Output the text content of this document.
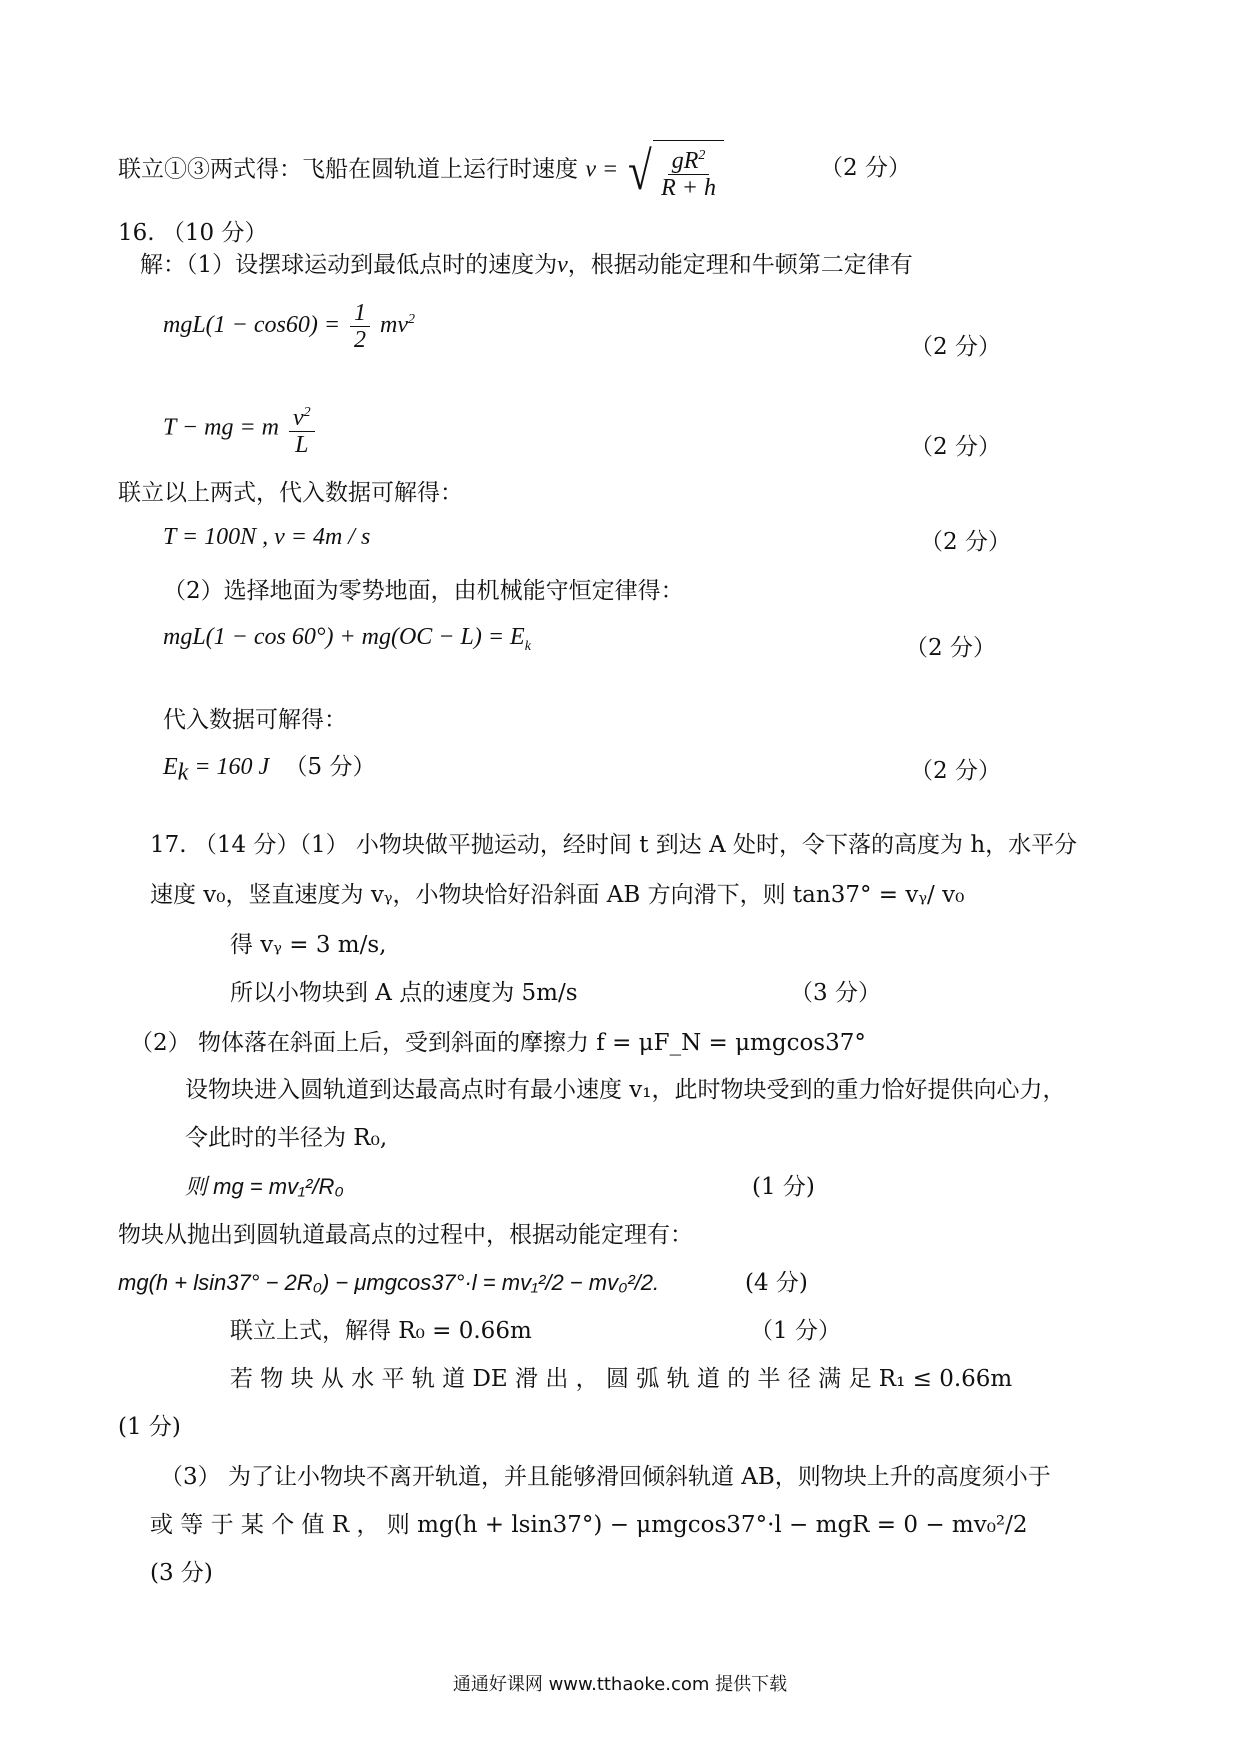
联立①③两式得：飞船在圆轨道上运行时速度 v = √ $\frac{gR^2}{R + h}$	（2 分）
16. （10 分）
解：（1）设摆球运动到最低点时的速度为v，根据动能定理和牛顿第二定律有
$mgL(1 - \cos 60) = \frac{1}{2} mv^2$
（2 分）
T − mg = m $\frac{v^2}{L}$	（2 分）
联立以上两式，代入数据可解得：
T = 100N , v = 4m / s	（2 分）
（2）选择地面为零势地面，由机械能守恒定律得：
$mgL(1 - \cos 60^\circ) + mg(OC - L) = E_k$	（2 分）
代入数据可解得：
$E_k = 160$ J （5 分）	（2 分）
17. （14 分）（1） 小物块做平抛运动，经时间 t 到达 A 处时，令下落的高度为 h，水平分
速度 v₀，竖直速度为 vᵧ，小物块恰好沿斜面 AB 方向滑下，则 tan37° = vᵧ/ v₀
得 vᵧ = 3 m/s,
所以小物块到 A 点的速度为 5m/s	（3 分）
（2） 物体落在斜面上后，受到斜面的摩擦力 f = μF_N = μmgcos37°
设物块进入圆轨道到达最高点时有最小速度 v₁，此时物块受到的重力恰好提供向心力，
令此时的半径为 R₀,
则 mg = mv₁²/R₀	(1 分)
物块从抛出到圆轨道最高点的过程中，根据动能定理有：
mg(h + lsin37° − 2R₀) − μmgcos37°·l = mv₁²/2 − mv₀²/2.	(4 分)
联立上式，解得 R₀ = 0.66m	（1 分）
若 物 块 从 水 平 轨 道 DE 滑 出 ， 圆 弧 轨 道 的 半 径 满 足 R₁ ≤ 0.66m
(1 分)
（3） 为了让小物块不离开轨道，并且能够滑回倾斜轨道 AB，则物块上升的高度须小于
或 等 于 某 个 值 R ， 则 mg(h + lsin37°) − μmgcos37°·l − mgR = 0 − mv₀²/2
(3 分)
通通好课网 www.tthaoke.com 提供下载
